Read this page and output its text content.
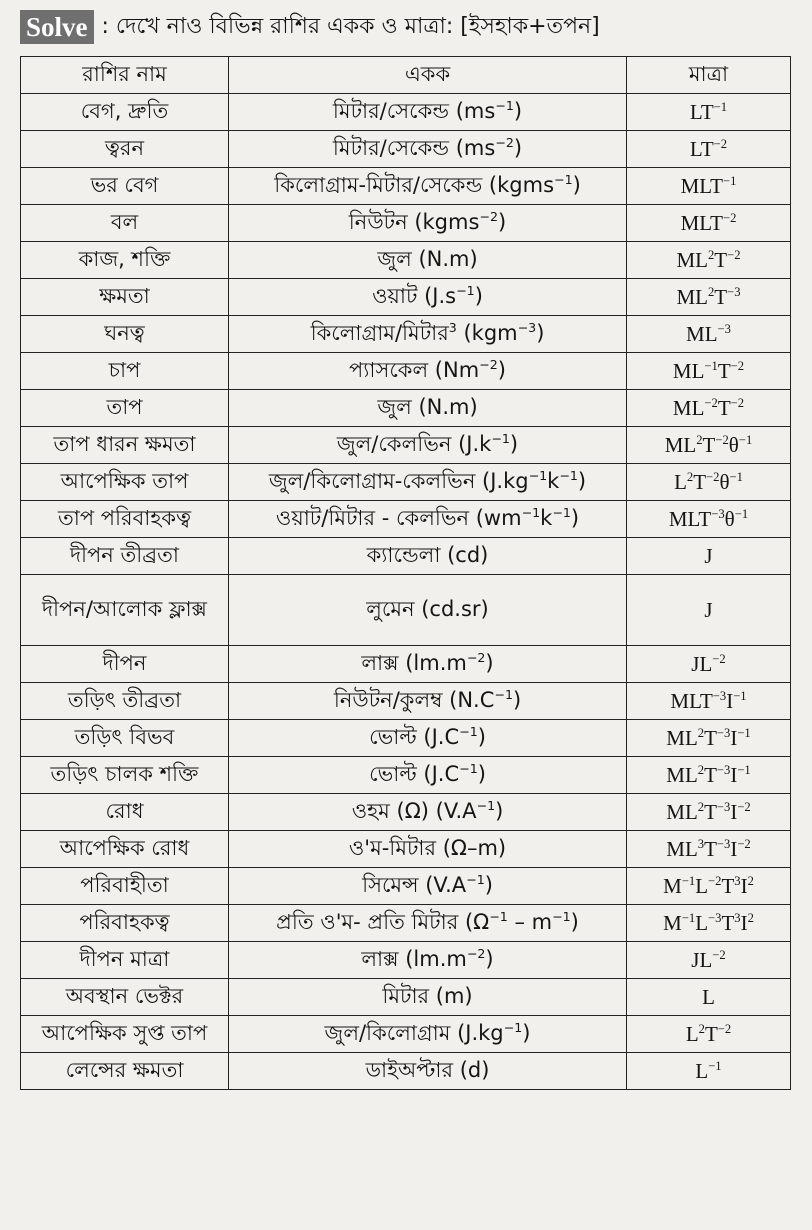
Solve : দেখে নাও বিভিন্ন রাশির একক ও মাত্রা: [ইসহাক+তপন]
রাশির নাম	একক	মাত্রা
বেগ, দ্রুতি	মিটার/সেকেন্ড $(ms^{-1})$	$LT^{-1}$
ত্বরন	মিটার/সেকেন্ড $(ms^{-2})$	$LT^{-2}$
ভর বেগ	কিলোগ্রাম-মিটার/সেকেন্ড (kgms$^{-1}$)	$MLT^{-1}$
বল	নিউটন (kgms$^{-2}$)	$MLT^{-2}$
কাজ, শক্তি	জুল (N.m)	$ML^2T^{-2}$
ক্ষমতা	ওয়াট $(J.s^{-1})$	$ML^2T^{-3}$
ঘনত্ব	কিলোগ্রাম/মিটার$^3$ (kgm$^{-3}$)	$ML^{-3}$
চাপ	প্যাসকেল $(Nm^{-2})$	$ML^{-1}T^{-2}$
তাপ	জুল (N.m)	$ML^{-2}T^{-2}$
তাপ ধারন ক্ষমতা	জুল/কেলভিন $(J.k^{-1})$	$ML^2T^{-2}\theta^{-1}$
আপেক্ষিক তাপ	জুল/কিলোগ্রাম-কেলভিন $(J.kg^{-1}k^{-1})$	$L^2T^{-2}\theta^{-1}$
তাপ পরিবাহকত্ব	ওয়াট/মিটার - কেলভিন $(wm^{-1}k^{-1})$	$MLT^{-3}\theta^{-1}$
দীপন তীব্রতা	ক্যান্ডেলা (cd)	J
দীপন/আলোক ফ্লাক্স	লুমেন (cd.sr)	J
দীপন	লাক্স $(lm.m^{-2})$	$JL^{-2}$
তড়িৎ তীব্রতা	নিউটন/কুলম্ব $(N.C^{-1})$	$MLT^{-3}I^{-1}$
তড়িৎ বিভব	ভোল্ট $(J.C^{-1})$	$ML^2T^{-3}I^{-1}$
তড়িৎ চালক শক্তি	ভোল্ট $(J.C^{-1})$	$ML^2T^{-3}I^{-1}$
রোধ	ওহম (Ω) $(V.A^{-1})$	$ML^2T^{-3}I^{-2}$
আপেক্ষিক রোধ	ও'ম-মিটার (Ω–m)	$ML^3T^{-3}I^{-2}$
পরিবাহীতা	সিমেন্স $(V.A^{-1})$	$M^{-1}L^{-2}T^3I^2$
পরিবাহকত্ব	প্রতি ও'ম- প্রতি মিটার $(\Omega^{-1} - m^{-1})$	$M^{-1}L^{-3}T^3I^2$
দীপন মাত্রা	লাক্স $(lm.m^{-2})$	$JL^{-2}$
অবস্থান ভেক্টর	মিটার (m)	L
আপেক্ষিক সুপ্ত তাপ	জুল/কিলোগ্রাম $(J.kg^{-1})$	$L^2T^{-2}$
লেন্সের ক্ষমতা	ডাইঅপ্টার (d)	$L^{-1}$
